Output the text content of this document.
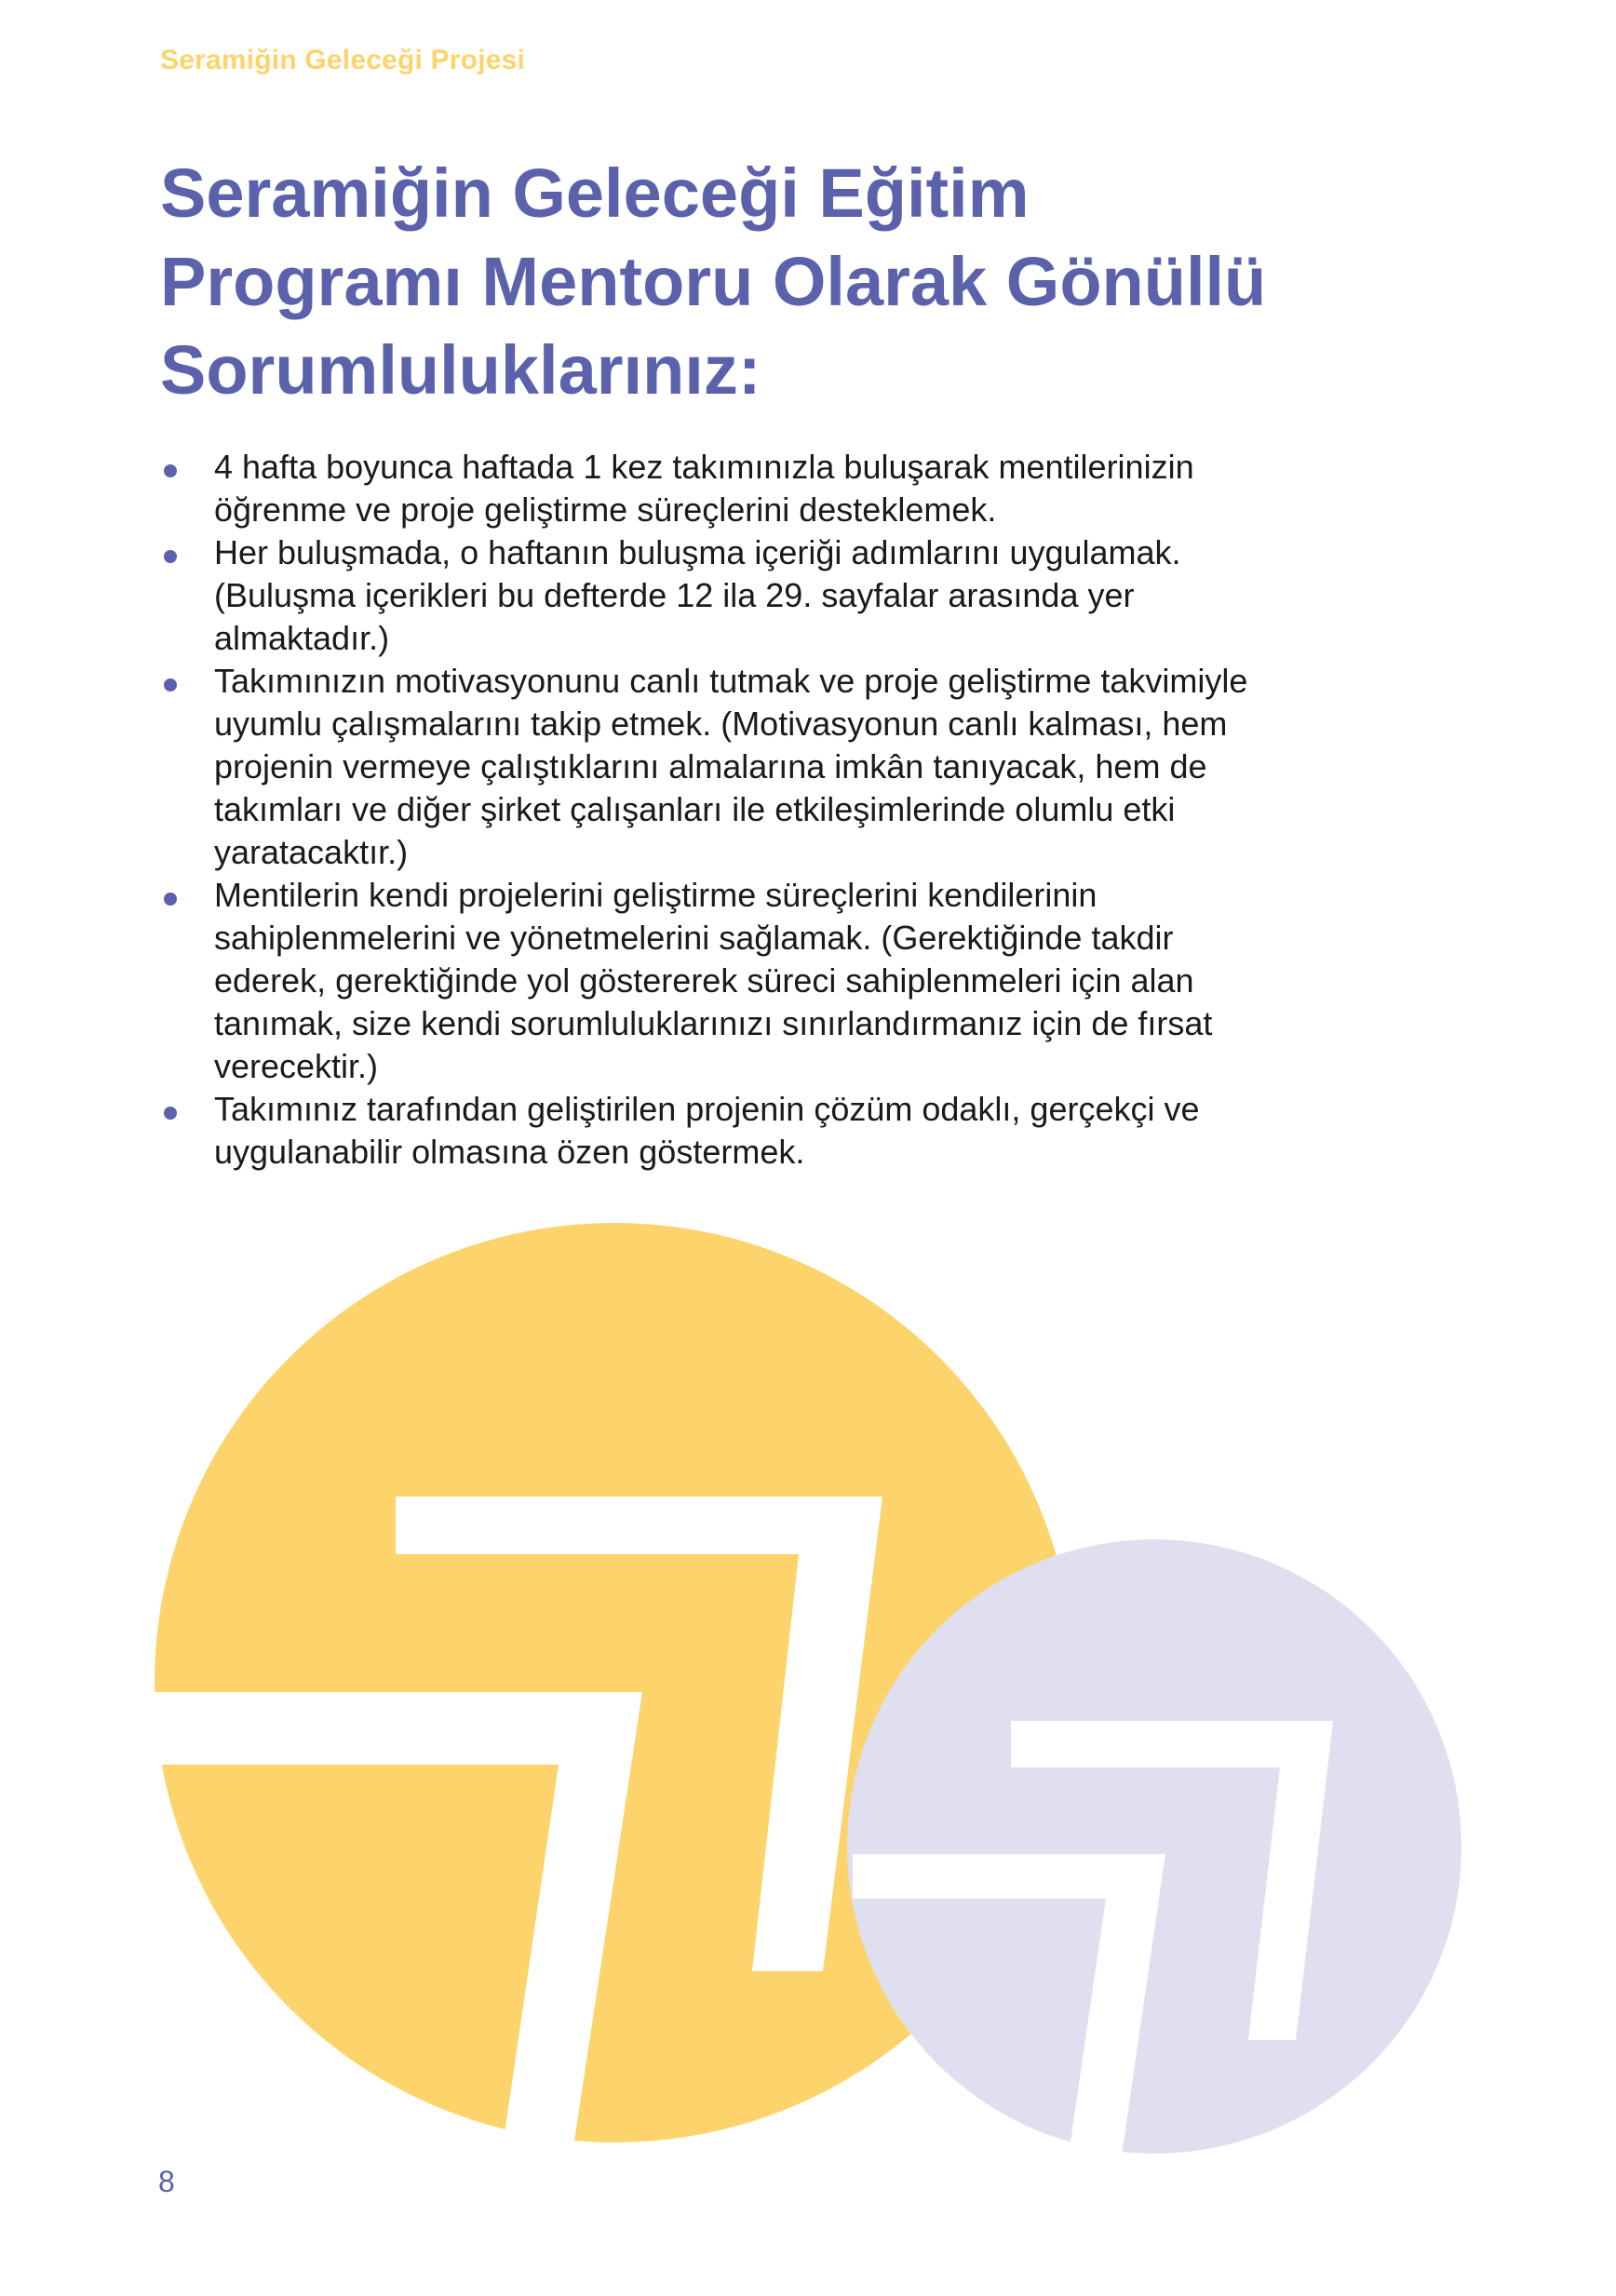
Seramiğin Geleceği Projesi
Seramiğin Geleceği Eğitim
Programı Mentoru Olarak Gönüllü
Sorumluluklarınız:
4 hafta boyunca haftada 1 kez takımınızla buluşarak mentilerinizin
öğrenme ve proje geliştirme süreçlerini desteklemek.
Her buluşmada, o haftanın buluşma içeriği adımlarını uygulamak.
(Buluşma içerikleri bu defterde 12 ila 29. sayfalar arasında yer
almaktadır.)
Takımınızın motivasyonunu canlı tutmak ve proje geliştirme takvimiyle
uyumlu çalışmalarını takip etmek. (Motivasyonun canlı kalması, hem
projenin vermeye çalıştıklarını almalarına imkân tanıyacak, hem de
takımları ve diğer şirket çalışanları ile etkileşimlerinde olumlu etki
yaratacaktır.)
Mentilerin kendi projelerini geliştirme süreçlerini kendilerinin
sahiplenmelerini ve yönetmelerini sağlamak. (Gerektiğinde takdir
ederek, gerektiğinde yol göstererek süreci sahiplenmeleri için alan
tanımak, size kendi sorumluluklarınızı sınırlandırmanız için de fırsat
verecektir.)
Takımınız tarafından geliştirilen projenin çözüm odaklı, gerçekçi ve
uygulanabilir olmasına özen göstermek.
8
